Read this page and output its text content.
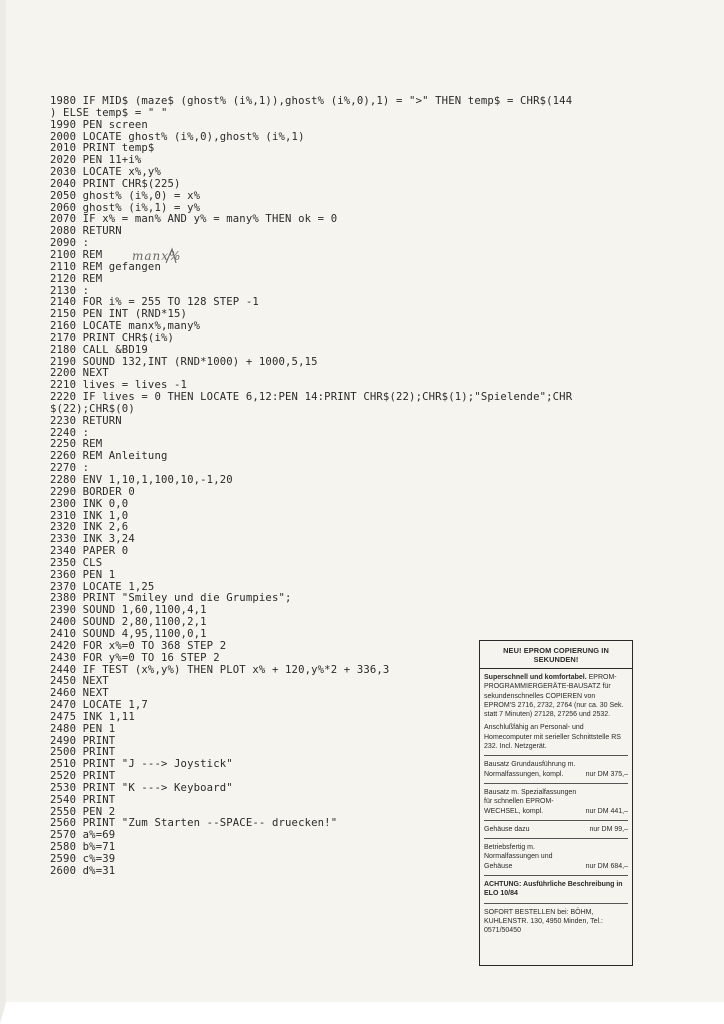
1980 IF MID$ (maze$ (ghost% (i%,1)),ghost% (i%,0),1) = ">" THEN temp$ = CHR$(144
) ELSE temp$ = " "
1990 PEN screen
2000 LOCATE ghost% (i%,0),ghost% (i%,1)
2010 PRINT temp$
2020 PEN 11+i%
2030 LOCATE x%,y%
2040 PRINT CHR$(225)
2050 ghost% (i%,0) = x%
2060 ghost% (i%,1) = y%
2070 IF x% = man% AND y% = many% THEN ok = 0
2080 RETURN
2090 :
2100 REM
2110 REM gefangen
2120 REM
2130 :
2140 FOR i% = 255 TO 128 STEP -1
2150 PEN INT (RND*15)
2160 LOCATE manx%,many%
2170 PRINT CHR$(i%)
2180 CALL &BD19
2190 SOUND 132,INT (RND*1000) + 1000,5,15
2200 NEXT
2210 lives = lives -1
2220 IF lives = 0 THEN LOCATE 6,12:PEN 14:PRINT CHR$(22);CHR$(1);"Spielende";CHR
$(22);CHR$(0)
2230 RETURN
2240 :
2250 REM
2260 REM Anleitung
2270 :
2280 ENV 1,10,1,100,10,-1,20
2290 BORDER 0
2300 INK 0,0
2310 INK 1,0
2320 INK 2,6
2330 INK 3,24
2340 PAPER 0
2350 CLS
2360 PEN 1
2370 LOCATE 1,25
2380 PRINT "Smiley und die Grumpies";
2390 SOUND 1,60,1100,4,1
2400 SOUND 2,80,1100,2,1
2410 SOUND 4,95,1100,0,1
2420 FOR x%=0 TO 368 STEP 2
2430 FOR y%=0 TO 16 STEP 2
2440 IF TEST (x%,y%) THEN PLOT x% + 120,y%*2 + 336,3
2450 NEXT
2460 NEXT
2470 LOCATE 1,7
2475 INK 1,11
2480 PEN 1
2490 PRINT
2500 PRINT
2510 PRINT "J ---> Joystick"
2520 PRINT
2530 PRINT "K ---> Keyboard"
2540 PRINT
2550 PEN 2
2560 PRINT "Zum Starten --SPACE-- druecken!"
2570 a%=69
2580 b%=71
2590 c%=39
2600 d%=31
manx%
NEU! EPROM COPIERUNG IN SEKUNDEN!

Superschnell und komfortabel. EPROM-PROGRAMMIERGERÄTE-BAUSATZ für sekundenschnelles COPIEREN von EPROM'S 2716, 2732, 2764 (nur ca. 30 Sek. statt 7 Minuten) 27128, 27256 und 2532.

Anschlußfähig an Personal- und Homecomputer mit serieller Schnittstelle RS 232. Incl. Netzgerät.

Bausatz Grundausführung m. Normalfassungen, kompl.	nur DM 375,–
Bausatz m. Spezialfassungen für schnellen EPROM-WECHSEL, kompl.	nur DM 441,–
Gehäuse dazu	nur DM 99,–
Betriebsfertig m. Normalfassungen und Gehäuse	nur DM 684,–

ACHTUNG: Ausführliche Beschreibung in ELO 10/84

SOFORT BESTELLEN bei: BÖHM, KUHLENSTR. 130, 4950 Minden, Tel.: 0571/50450
